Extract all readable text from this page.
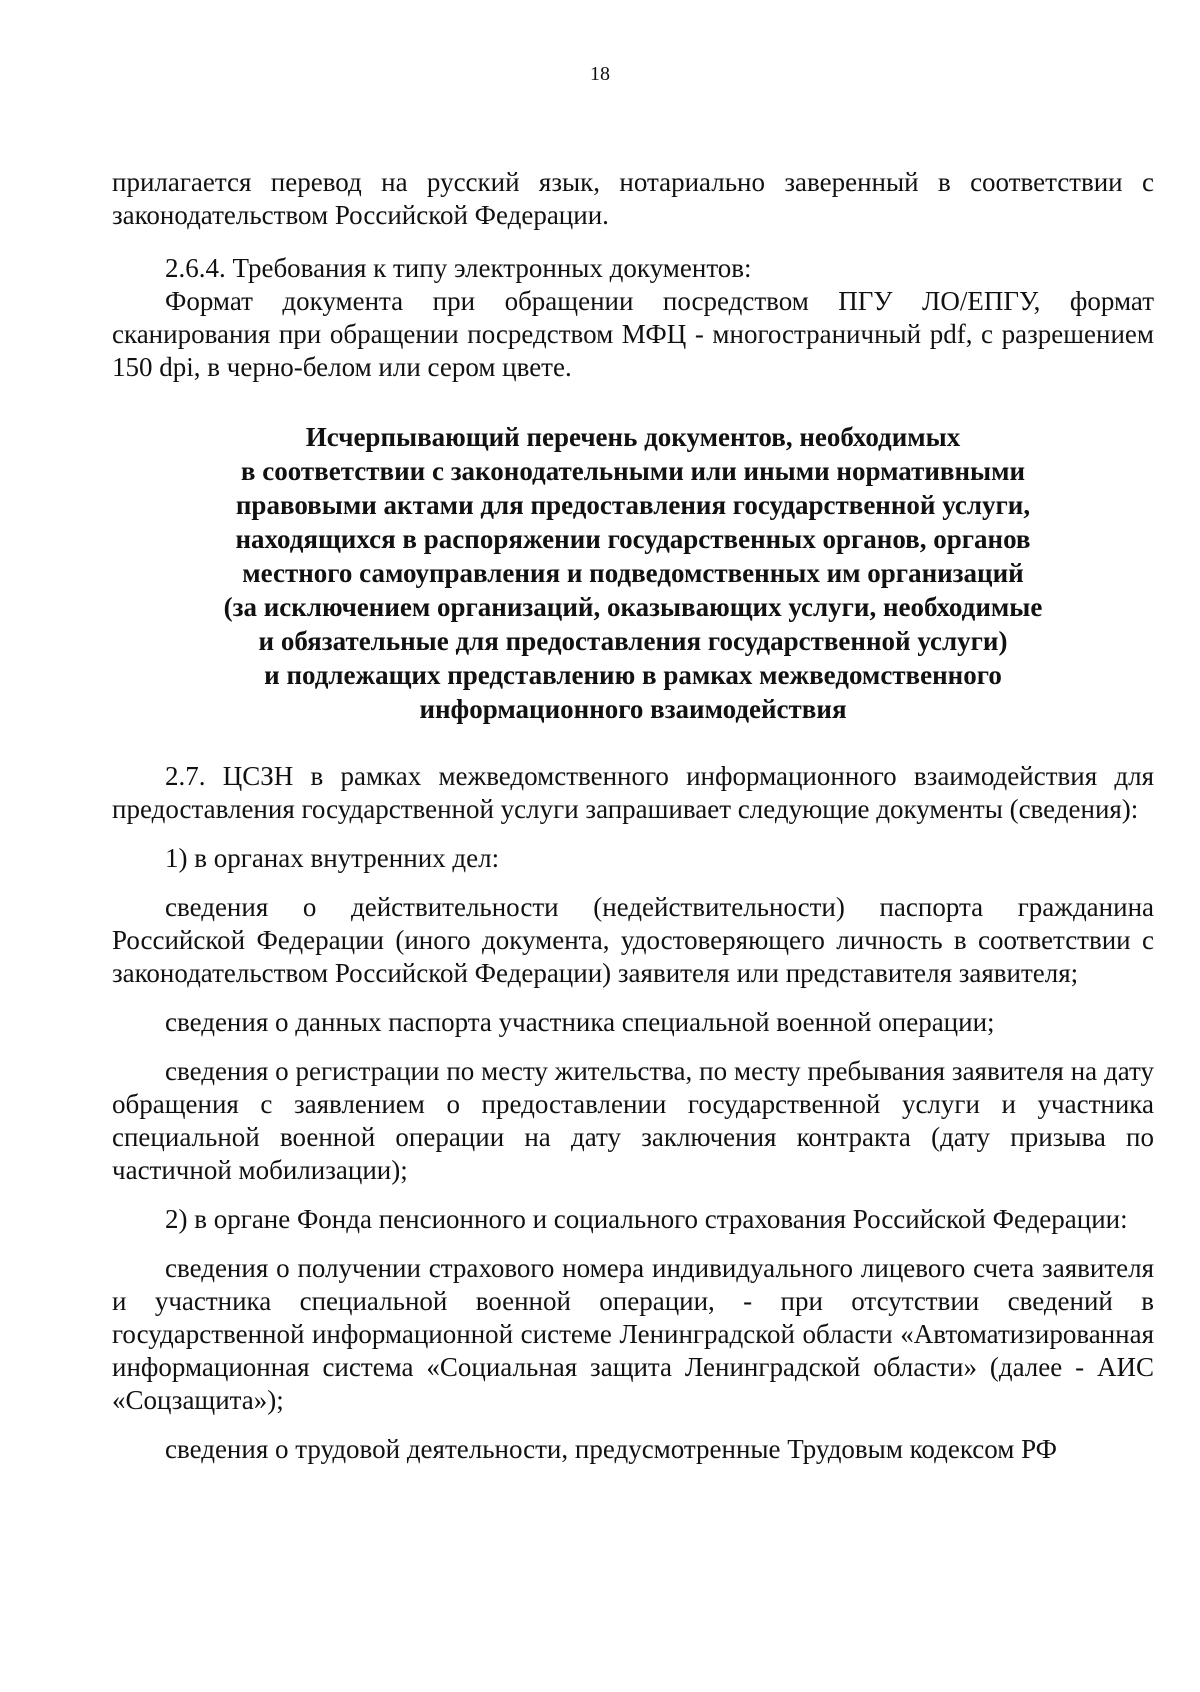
18

прилагается перевод на русский язык, нотариально заверенный в соответствии с законодательством Российской Федерации.

2.6.4. Требования к типу электронных документов:

Формат документа при обращении посредством ПГУ ЛО/ЕПГУ, формат сканирования при обращении посредством МФЦ - многостраничный pdf, с разрешением 150 dpi, в черно-белом или сером цвете.

Исчерпывающий перечень документов, необходимых
в соответствии с законодательными или иными нормативными
правовыми актами для предоставления государственной услуги,
находящихся в распоряжении государственных органов, органов
местного самоуправления и подведомственных им организаций
(за исключением организаций, оказывающих услуги, необходимые
и обязательные для предоставления государственной услуги)
и подлежащих представлению в рамках межведомственного
информационного взаимодействия

2.7. ЦСЗН в рамках межведомственного информационного взаимодействия для предоставления государственной услуги запрашивает следующие документы (сведения):

1) в органах внутренних дел:

сведения о действительности (недействительности) паспорта гражданина Российской Федерации (иного документа, удостоверяющего личность в соответствии с законодательством Российской Федерации) заявителя или представителя заявителя;

сведения о данных паспорта участника специальной военной операции;

сведения о регистрации по месту жительства, по месту пребывания заявителя на дату обращения с заявлением о предоставлении государственной услуги и участника специальной военной операции на дату заключения контракта (дату призыва по частичной мобилизации);

2) в органе Фонда пенсионного и социального страхования Российской Федерации:

сведения о получении страхового номера индивидуального лицевого счета заявителя и участника специальной военной операции, - при отсутствии сведений в государственной информационной системе Ленинградской области «Автоматизированная информационная система «Социальная защита Ленинградской области» (далее - АИС «Соцзащита»);

сведения о трудовой деятельности, предусмотренные Трудовым кодексом РФ
